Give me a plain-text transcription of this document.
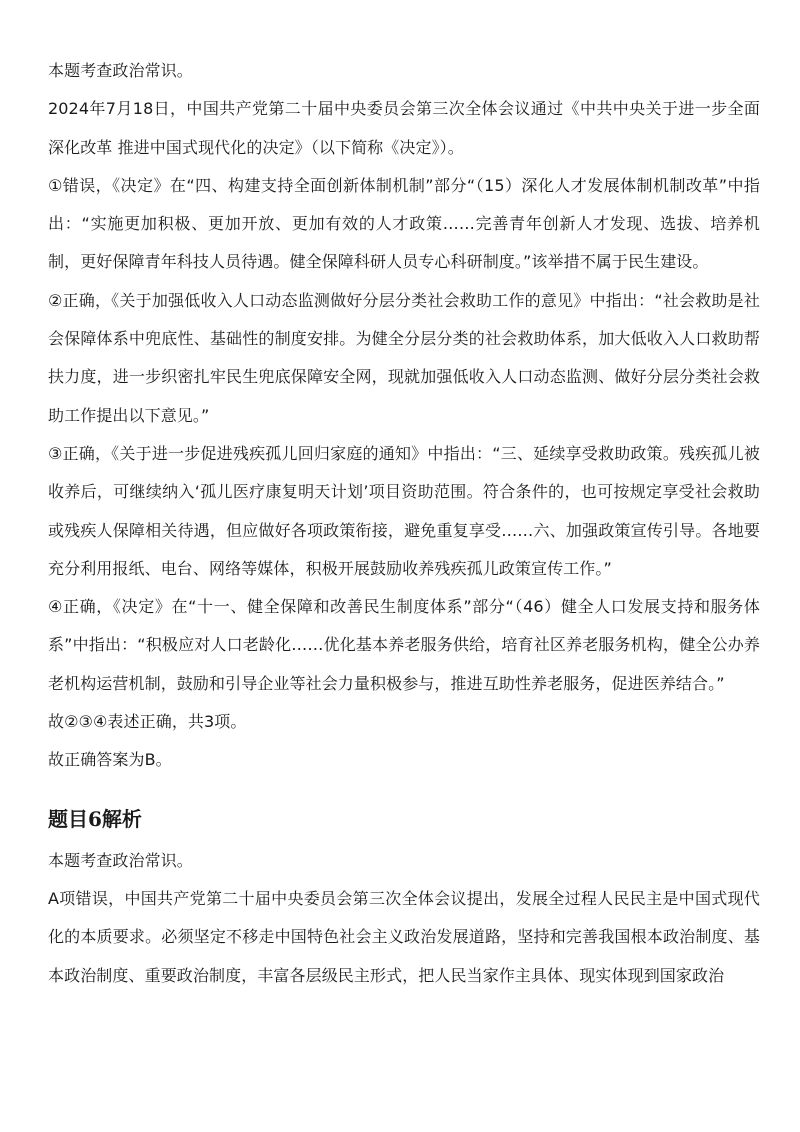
本题考查政治常识。

2024年7月18日，中国共产党第二十届中央委员会第三次全体会议通过《中共中央关于进一步全面深化改革 推进中国式现代化的决定》（以下简称《决定》）。

①错误，《决定》在“四、构建支持全面创新体制机制”部分“（15）深化人才发展体制机制改革”中指出：“实施更加积极、更加开放、更加有效的人才政策……完善青年创新人才发现、选拔、培养机制，更好保障青年科技人员待遇。健全保障科研人员专心科研制度。”该举措不属于民生建设。

②正确，《关于加强低收入人口动态监测做好分层分类社会救助工作的意见》中指出：“社会救助是社会保障体系中兜底性、基础性的制度安排。为健全分层分类的社会救助体系，加大低收入人口救助帮扶力度，进一步织密扎牢民生兜底保障安全网，现就加强低收入人口动态监测、做好分层分类社会救助工作提出以下意见。”

③正确，《关于进一步促进残疾孤儿回归家庭的通知》中指出：“三、延续享受救助政策。残疾孤儿被收养后，可继续纳入‘孤儿医疗康复明天计划’项目资助范围。符合条件的，也可按规定享受社会救助或残疾人保障相关待遇，但应做好各项政策衔接，避免重复享受……六、加强政策宣传引导。各地要充分利用报纸、电台、网络等媒体，积极开展鼓励收养残疾孤儿政策宣传工作。”

④正确，《决定》在“十一、健全保障和改善民生制度体系”部分“（46）健全人口发展支持和服务体系”中指出：“积极应对人口老龄化……优化基本养老服务供给，培育社区养老服务机构，健全公办养老机构运营机制，鼓励和引导企业等社会力量积极参与，推进互助性养老服务，促进医养结合。”

故②③④表述正确，共3项。

故正确答案为B。

题目6解析

本题考查政治常识。

A项错误，中国共产党第二十届中央委员会第三次全体会议提出，发展全过程人民民主是中国式现代化的本质要求。必须坚定不移走中国特色社会主义政治发展道路，坚持和完善我国根本政治制度、基本政治制度、重要政治制度，丰富各层级民主形式，把人民当家作主具体、现实体现到国家政治
